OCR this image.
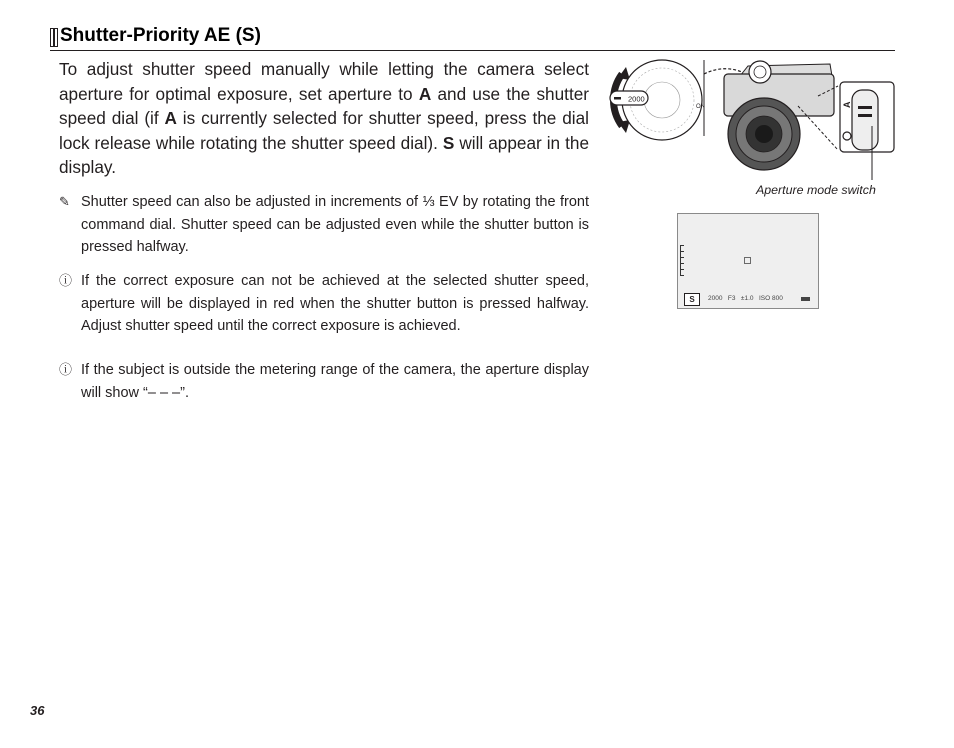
Shutter-Priority AE (S)

To adjust shutter speed manually while letting the camera select aperture for optimal exposure, set aperture to A and use the shutter speed dial (if A is currently selected for shutter speed, press the dial lock release while rotating the shutter speed dial). S will appear in the display.

✎ Shutter speed can also be adjusted in increments of ⅓ EV by rotating the front command dial. Shutter speed can be adjusted even while the shutter button is pressed halfway.
ⓘ If the correct exposure can not be achieved at the selected shutter speed, aperture will be displayed in red when the shutter button is pressed halfway. Adjust shutter speed until the correct exposure is achieved.
ⓘ If the subject is outside the metering range of the camera, the aperture display will show “– – –”.
2000
ON	A
Aperture mode switch
S	2000   F3   ±1.0 ISO 800
36
